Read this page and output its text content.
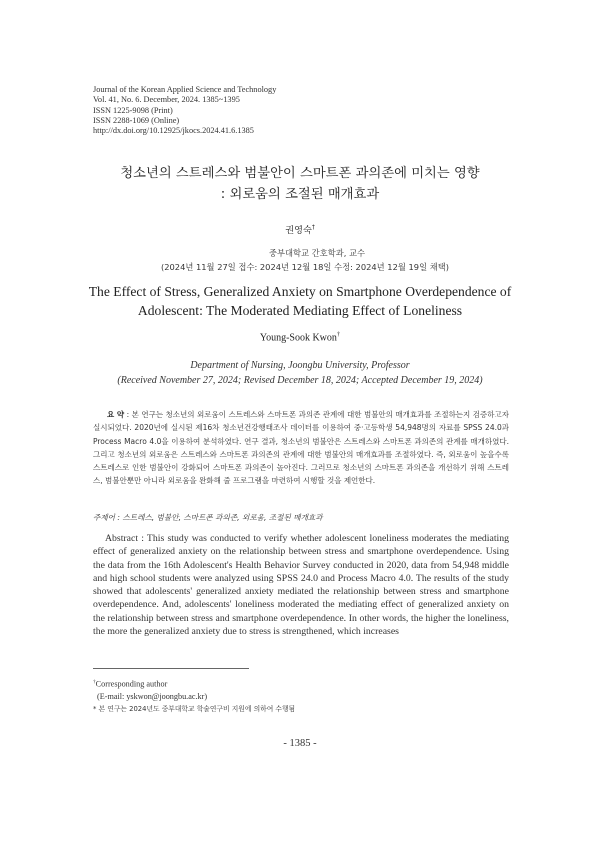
Journal of the Korean Applied Science and Technology
Vol. 41, No. 6. December, 2024. 1385~1395
ISSN 1225-9098 (Print)
ISSN 2288-1069 (Online)
http://dx.doi.org/10.12925/jkocs.2024.41.6.1385
청소년의 스트레스와 범불안이 스마트폰 과의존에 미치는 영향
: 외로움의 조절된 매개효과
권영숙†
중부대학교 간호학과, 교수
(2024년 11월 27일 접수: 2024년 12월 18일 수정: 2024년 12월 19일 채택)
The Effect of Stress, Generalized Anxiety on Smartphone Overdependence of
Adolescent: The Moderated Mediating Effect of Loneliness
Young-Sook Kwon†
Department of Nursing, Joongbu University, Professor
(Received November 27, 2024; Revised December 18, 2024; Accepted December 19, 2024)
요 약 : 본 연구는 청소년의 외로움이 스트레스와 스마트폰 과의존 관계에 대한 범불안의 매개효과를 조절하는지 검증하고자 실시되었다. 2020년에 실시된 제16차 청소년건강행태조사 데이터를 이용하여 중·고등학생 54,948명의 자료를 SPSS 24.0과 Process Macro 4.0을 이용하여 분석하였다. 연구 결과, 청소년의 범불안은 스트레스와 스마트폰 과의존의 관계를 매개하였다. 그리고 청소년의 외로움은 스트레스와 스마트폰 과의존의 관계에 대한 범불안의 매개효과를 조절하였다. 즉, 외로움이 높을수록 스트레스로 인한 범불안이 강화되어 스마트폰 과의존이 높아진다. 그러므로 청소년의 스마트폰 과의존을 개선하기 위해 스트레스, 범불안뿐만 아니라 외로움을 완화해 줄 프로그램을 마련하여 시행할 것을 제언한다.
주제어 : 스트레스, 범불안, 스마트폰 과의존, 외로움, 조절된 매개효과
Abstract : This study was conducted to verify whether adolescent loneliness moderates the mediating effect of generalized anxiety on the relationship between stress and smartphone overdependence. Using the data from the 16th Adolescent's Health Behavior Survey conducted in 2020, data from 54,948 middle and high school students were analyzed using SPSS 24.0 and Process Macro 4.0. The results of the study showed that adolescents' generalized anxiety mediated the relationship between stress and smartphone overdependence. And, adolescents' loneliness moderated the mediating effect of generalized anxiety on the relationship between stress and smartphone overdependence. In other words, the higher the loneliness, the more the generalized anxiety due to stress is strengthened, which increases
†Corresponding author
(E-mail: yskwon@joongbu.ac.kr)
* 본 연구는 2024년도 중부대학교 학술연구비 지원에 의하여 수행됨
- 1385 -
